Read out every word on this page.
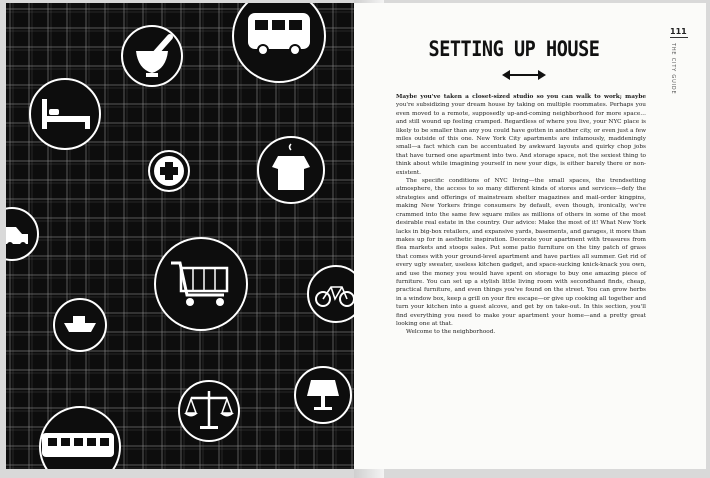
111
THE CITY GUIDE
SETTING UP HOUSE

Maybe you've taken a closet-sized studio so you can walk to work; maybe you're subsidizing your dream house by taking on multiple roommates. Perhaps you even moved to a remote, supposedly up-and-coming neighborhood for more space…and still wound up feeling cramped. Regardless of where you live, your NYC place is likely to be smaller than any you could have gotten in another city, or even just a few miles outside of this one. New York City apartments are infamously, maddeningly small—a fact which can be accentuated by awkward layouts and quirky chop jobs that have turned one apartment into two. And storage space, not the sexiest thing to think about while imagining yourself in new your digs, is either barely there or non-existent.

The specific conditions of NYC living—the small spaces, the trendsetting atmosphere, the access to so many different kinds of stores and services—defy the strategies and offerings of mainstream shelter magazines and mail-order kingpins, making New Yorkers fringe consumers by default, even though, ironically, we're crammed into the same few square miles as millions of others in some of the most desirable real estate in the country. Our advice: Make the most of it! What New York lacks in big-box retailers, and expansive yards, basements, and garages, it more than makes up for in aesthetic inspiration. Decorate your apartment with treasures from flea markets and stoops sales. Put some patio furniture on the tiny patch of grass that comes with your ground-level apartment and have parties all summer. Get rid of every ugly sweater, useless kitchen gadget, and space-sucking knick-knack you own, and use the money you would have spent on storage to buy one amazing piece of furniture. You can set up a stylish little living room with secondhand finds, cheap, practical furniture, and even things you've found on the street. You can grow herbs in a window box, keep a grill on your fire escape—or give up cooking all together and turn your kitchen into a guest alcove, and get by on take-out. In this section, you'll find everything you need to make your apartment your home—and a pretty great looking one at that.

Welcome to the neighborhood.
